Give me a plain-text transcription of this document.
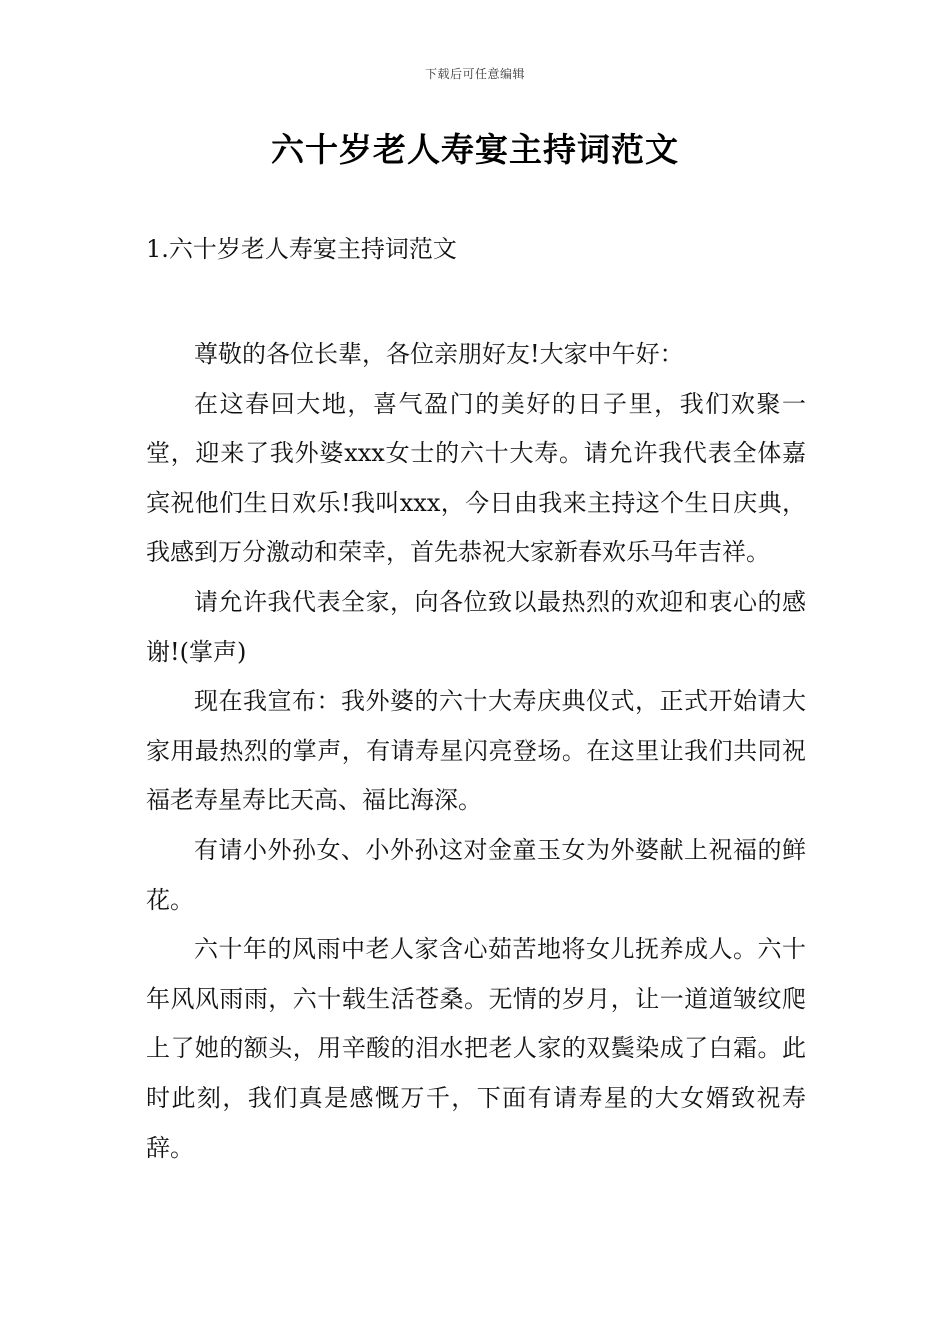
下载后可任意编辑
六十岁老人寿宴主持词范文
1.六十岁老人寿宴主持词范文

尊敬的各位长辈，各位亲朋好友!大家中午好：

在这春回大地，喜气盈门的美好的日子里，我们欢聚一堂，迎来了我外婆xxx女士的六十大寿。请允许我代表全体嘉宾祝他们生日欢乐!我叫xxx，今日由我来主持这个生日庆典，我感到万分激动和荣幸，首先恭祝大家新春欢乐马年吉祥。

请允许我代表全家，向各位致以最热烈的欢迎和衷心的感谢!(掌声)

现在我宣布：我外婆的六十大寿庆典仪式，正式开始请大家用最热烈的掌声，有请寿星闪亮登场。在这里让我们共同祝福老寿星寿比天高、福比海深。

有请小外孙女、小外孙这对金童玉女为外婆献上祝福的鲜花。

六十年的风雨中老人家含心茹苦地将女儿抚养成人。六十年风风雨雨，六十载生活苍桑。无情的岁月，让一道道皱纹爬上了她的额头，用辛酸的泪水把老人家的双鬓染成了白霜。此时此刻，我们真是感慨万千，下面有请寿星的大女婿致祝寿辞。
